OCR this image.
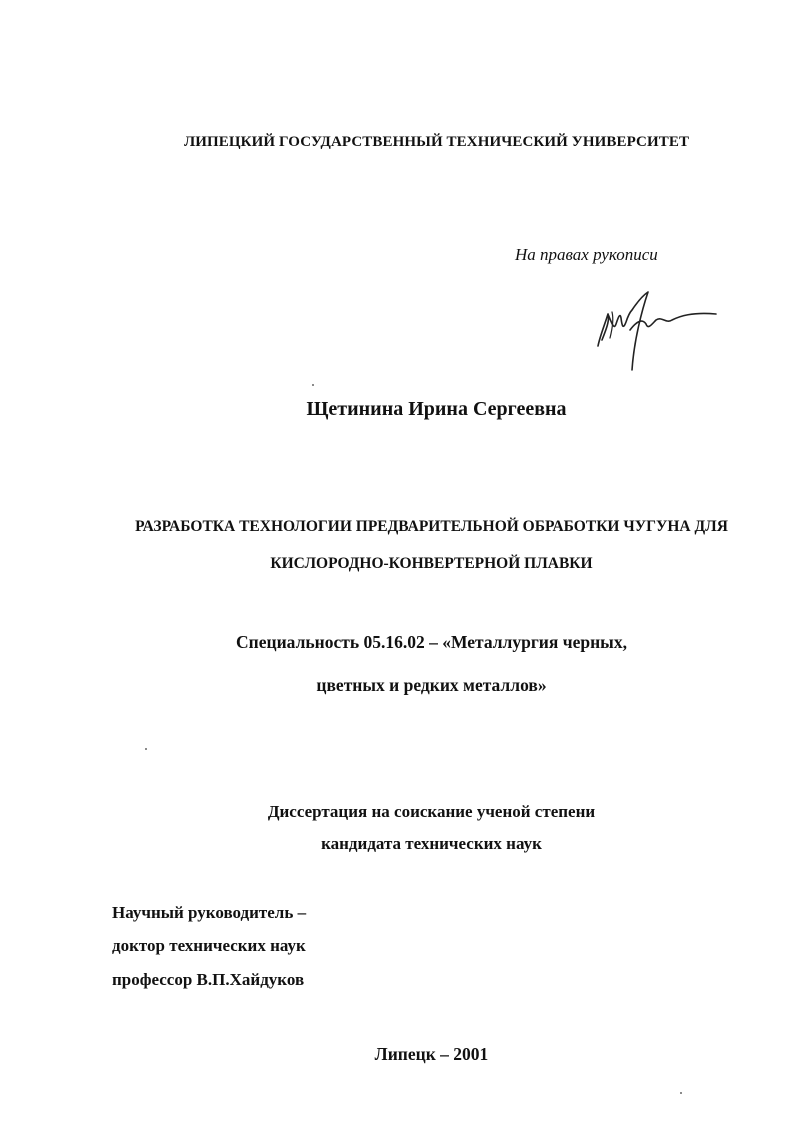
ЛИПЕЦКИЙ ГОСУДАРСТВЕННЫЙ ТЕХНИЧЕСКИЙ УНИВЕРСИТЕТ
На правах рукописи
Щетинина Ирина Сергеевна
РАЗРАБОТКА ТЕХНОЛОГИИ ПРЕДВАРИТЕЛЬНОЙ ОБРАБОТКИ ЧУГУНА ДЛЯ
КИСЛОРОДНО-КОНВЕРТЕРНОЙ ПЛАВКИ
Специальность 05.16.02 – «Металлургия черных,
цветных и редких металлов»
Диссертация на соискание ученой степени
кандидата технических наук
Научный руководитель –
доктор технических наук
профессор В.П.Хайдуков
Липецк – 2001
